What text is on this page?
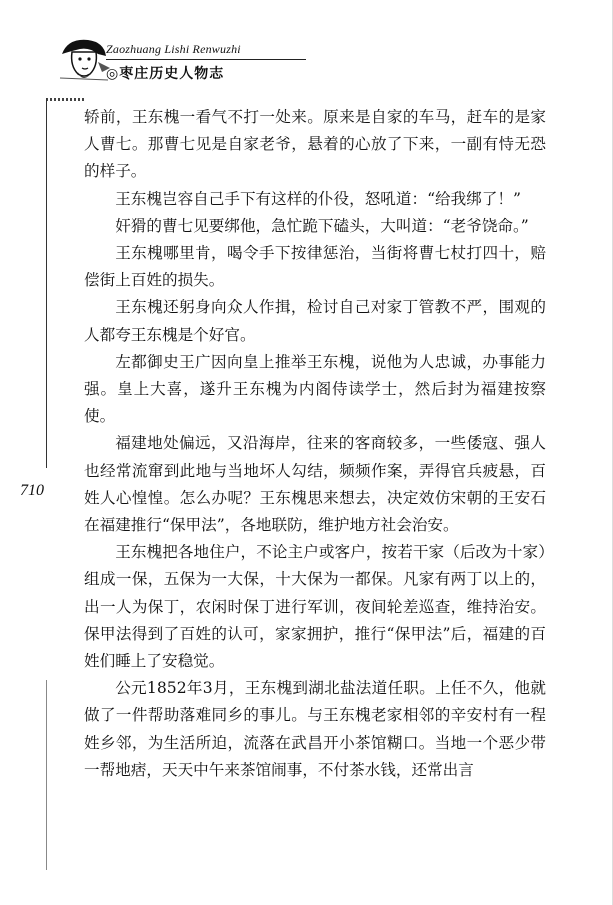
Zaozhuang Lishi Renwuzhi
◎枣庄历史人物志
710

轿前，王东槐一看气不打一处来。原来是自家的车马，赶车的是家人曹七。那曹七见是自家老爷，悬着的心放了下来，一副有恃无恐的样子。

王东槐岂容自己手下有这样的仆役，怒吼道：“给我绑了！”

奸猾的曹七见要绑他，急忙跪下磕头，大叫道：“老爷饶命。”

王东槐哪里肯，喝令手下按律惩治，当街将曹七杖打四十，赔偿街上百姓的损失。

王东槐还躬身向众人作揖，检讨自己对家丁管教不严，围观的人都夸王东槐是个好官。

左都御史王广因向皇上推举王东槐，说他为人忠诚，办事能力强。皇上大喜，遂升王东槐为内阁侍读学士，然后封为福建按察使。

福建地处偏远，又沿海岸，往来的客商较多，一些倭寇、强人也经常流窜到此地与当地坏人勾结，频频作案，弄得官兵疲悬，百姓人心惶惶。怎么办呢？王东槐思来想去，决定效仿宋朝的王安石在福建推行“保甲法”，各地联防，维护地方社会治安。

王东槐把各地住户，不论主户或客户，按若干家（后改为十家）组成一保，五保为一大保，十大保为一都保。凡家有两丁以上的，出一人为保丁，农闲时保丁进行军训，夜间轮差巡查，维持治安。保甲法得到了百姓的认可，家家拥护，推行“保甲法”后，福建的百姓们睡上了安稳觉。

公元1852年3月，王东槐到湖北盐法道任职。上任不久，他就做了一件帮助落难同乡的事儿。与王东槐老家相邻的辛安村有一程姓乡邻，为生活所迫，流落在武昌开小茶馆糊口。当地一个恶少带一帮地痞，天天中午来茶馆闹事，不付茶水钱，还常出言
